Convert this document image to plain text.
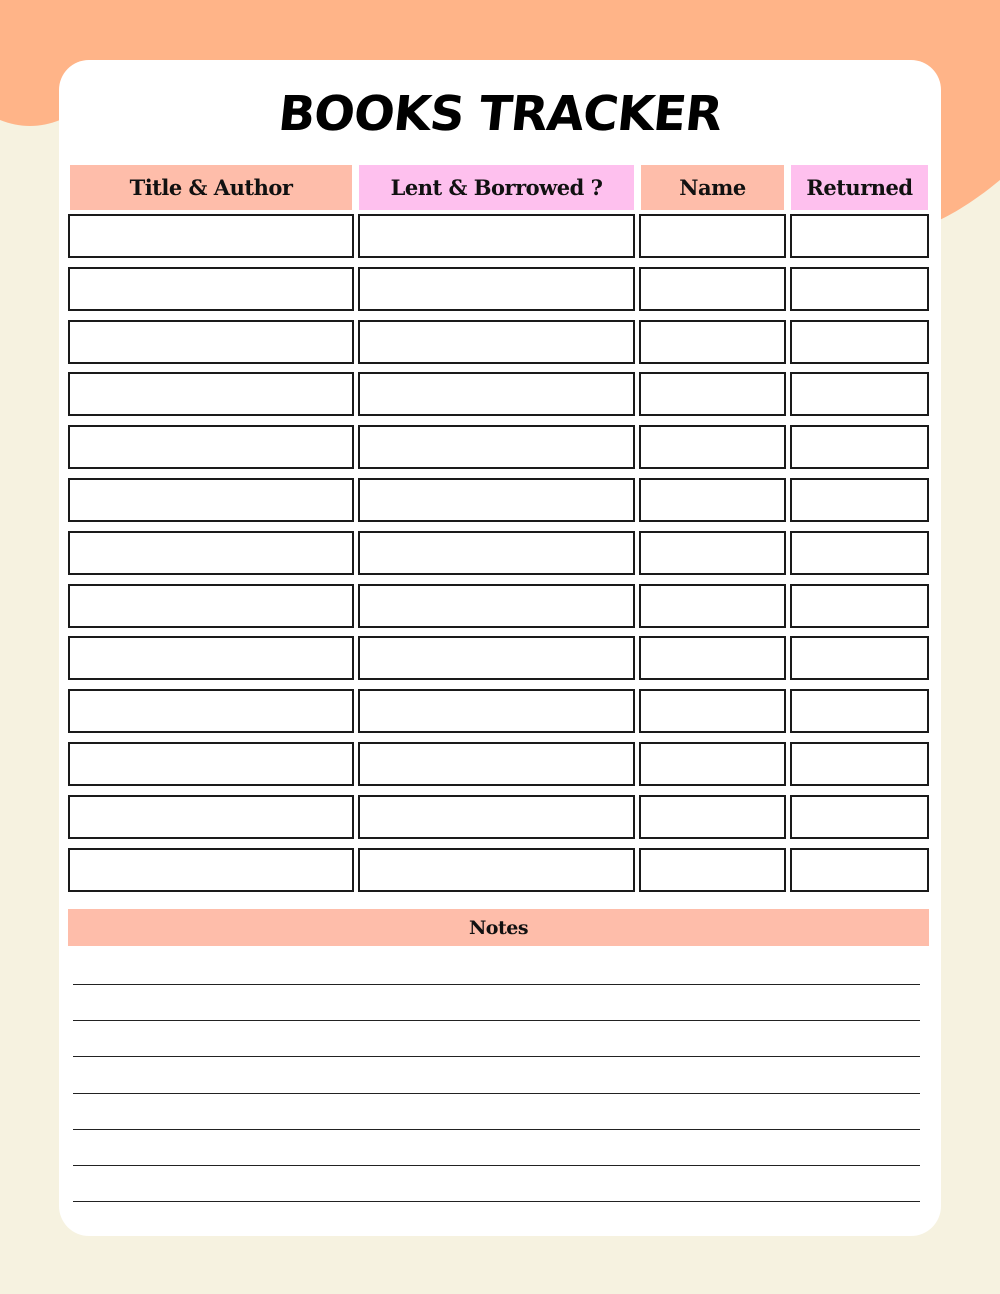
BOOKS TRACKER
Title & Author	Lent & Borrowed ?	Name	Returned
Notes
